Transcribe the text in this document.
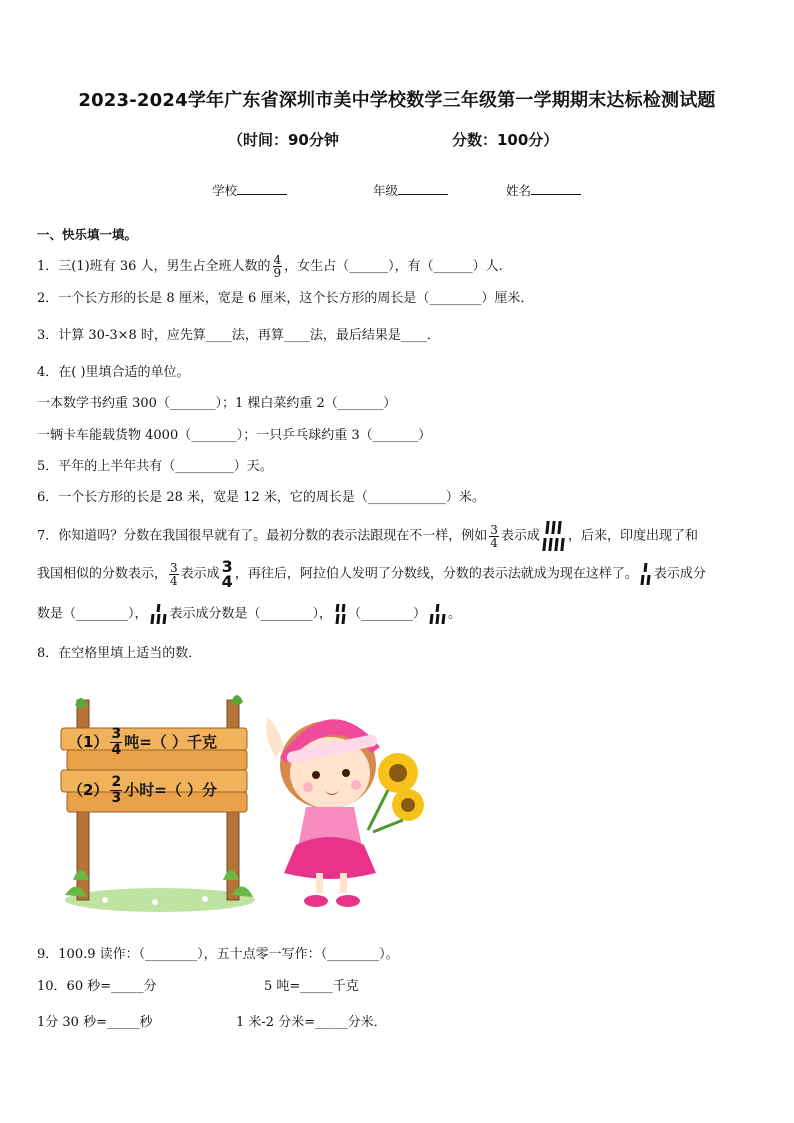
2023-2024学年广东省深圳市美中学校数学三年级第一学期期末达标检测试题
（时间：90分钟	分数：100分）
学校	年级	姓名
一、快乐填一填。
1．三(1)班有 36 人，男生占全班人数的 $\frac{4}{9}$ ，女生占（______），有（______）人.
2．一个长方形的长是 8 厘米，宽是 6 厘米，这个长方形的周长是（________）厘米．
3．计算 30-3×8 时，应先算____法，再算____法，最后结果是____．
4．在( )里填合适的单位。
一本数学书约重 300（_______）；1 棵白菜约重 2（_______）
一辆卡车能载货物 4000（_______）；一只乒乓球约重 3（_______）
5．平年的上半年共有（_________）天。
6．一个长方形的长是 28 米，宽是 12 米，它的周长是（____________）米。
7．你知道吗？分数在我国很早就有了。最初分数的表示法跟现在不一样，例如 $\frac{3}{4}$ 表示成 ，后来，印度出现了和
我国相似的分数表示， $\frac{3}{4}$ 表示成 3
4 ，再往后，阿拉伯人发明了分数线，分数的表示法就成为现在这样了。 表示成分
数是（________）， 表示成分数是（________）， （________） 。
8．在空格里填上适当的数．
$(1) \frac{3}{4}$ 吨=（ ）千克
$(2) \frac{2}{3}$ 小时=（ ）分
9．100.9 读作：（________），五十点零一写作：（________）。
10．60 秒=_____分	5 吨=_____千克
1分 30 秒=_____秒	1 米-2 分米=_____分米．
